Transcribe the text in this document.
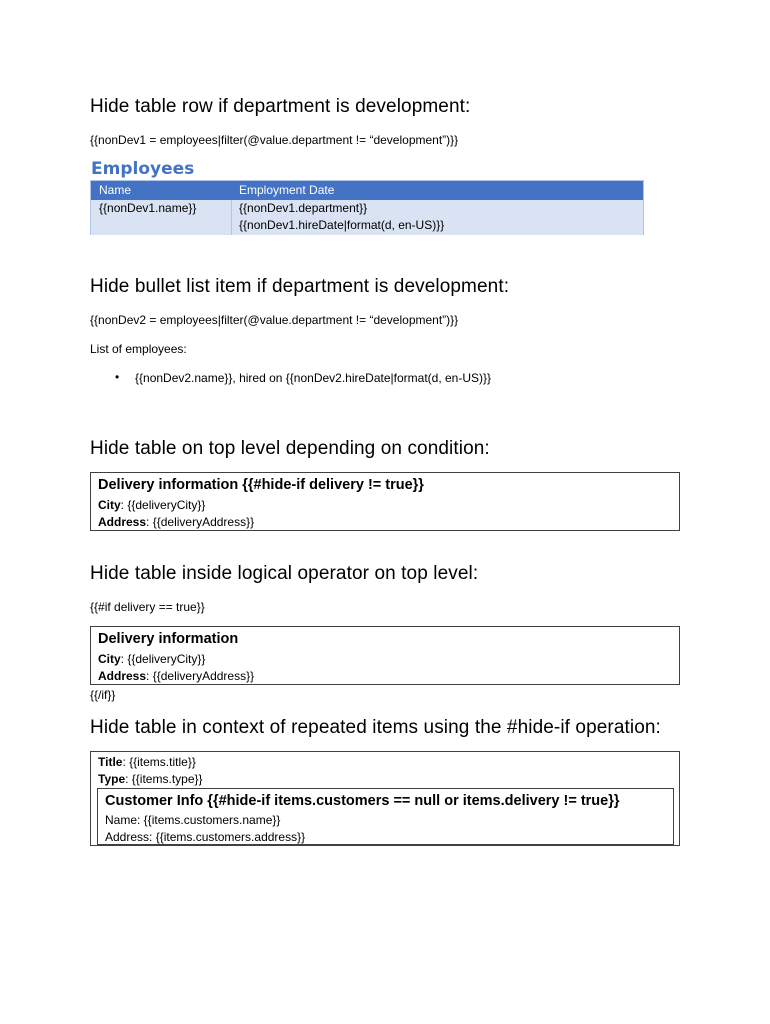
Hide table row if department is development:
{{nonDev1 = employees|filter(@value.department != “development”)}}
Employees
Name	Employment Date
{{nonDev1.name}}	{{nonDev1.department}}
{{nonDev1.hireDate|format(d, en-US)}}
Hide bullet list item if department is development:
{{nonDev2 = employees|filter(@value.department != “development”)}}
List of employees:
• {{nonDev2.name}}, hired on {{nonDev2.hireDate|format(d, en-US)}}
Hide table on top level depending on condition:
Delivery information {{#hide-if delivery != true}}
City: {{deliveryCity}}
Address: {{deliveryAddress}}
Hide table inside logical operator on top level:
{{#if delivery == true}}
Delivery information
City: {{deliveryCity}}
Address: {{deliveryAddress}}
{{/if}}
Hide table in context of repeated items using the #hide-if operation:
Title: {{items.title}}
Type: {{items.type}}
Customer Info {{#hide-if items.customers == null or items.delivery != true}}
Name: {{items.customers.name}}
Address: {{items.customers.address}}
